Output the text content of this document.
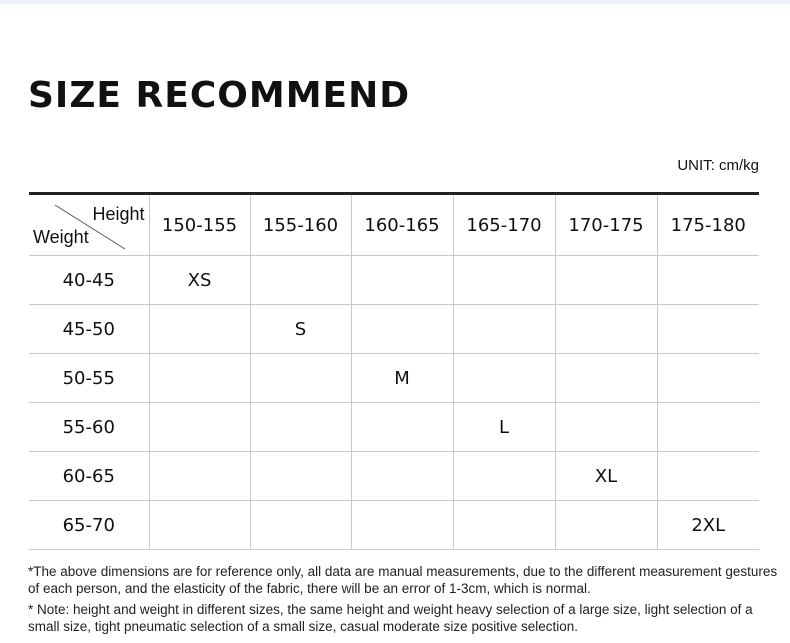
SIZE RECOMMEND
UNIT: cm/kg
Height
Weight	150-155	155-160	160-165	165-170	170-175	175-180
40-45	XS					
45-50		S				
50-55			M			
55-60				L		
60-65					XL	
65-70						2XL
*The above dimensions are for reference only, all data are manual measurements, due to the different measurement gestures of each person, and the elasticity of the fabric, there will be an error of 1-3cm, which is normal.
* Note: height and weight in different sizes, the same height and weight heavy selection of a large size, light selection of a small size, tight pneumatic selection of a small size, casual moderate size positive selection.
